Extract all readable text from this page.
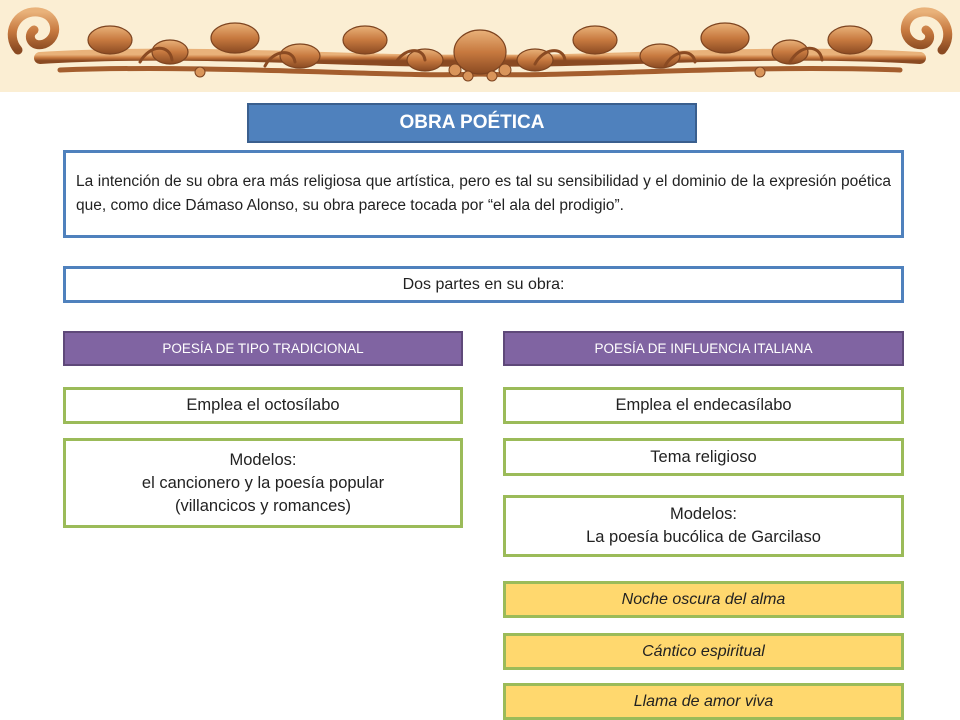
OBRA POÉTICA
La intención de su obra era más religiosa que artística, pero es tal su sensibilidad y el dominio de la expresión poética que, como dice Dámaso Alonso, su obra parece tocada por “el ala del prodigio”.
Dos partes en su obra:
POESÍA DE TIPO TRADICIONAL
Emplea el octosílabo
Modelos:
el cancionero y la poesía popular
(villancicos y romances)
POESÍA DE INFLUENCIA ITALIANA
Emplea el endecasílabo
Tema religioso
Modelos:
La poesía bucólica de Garcilaso
Noche oscura del alma
Cántico espiritual
Llama de amor viva
